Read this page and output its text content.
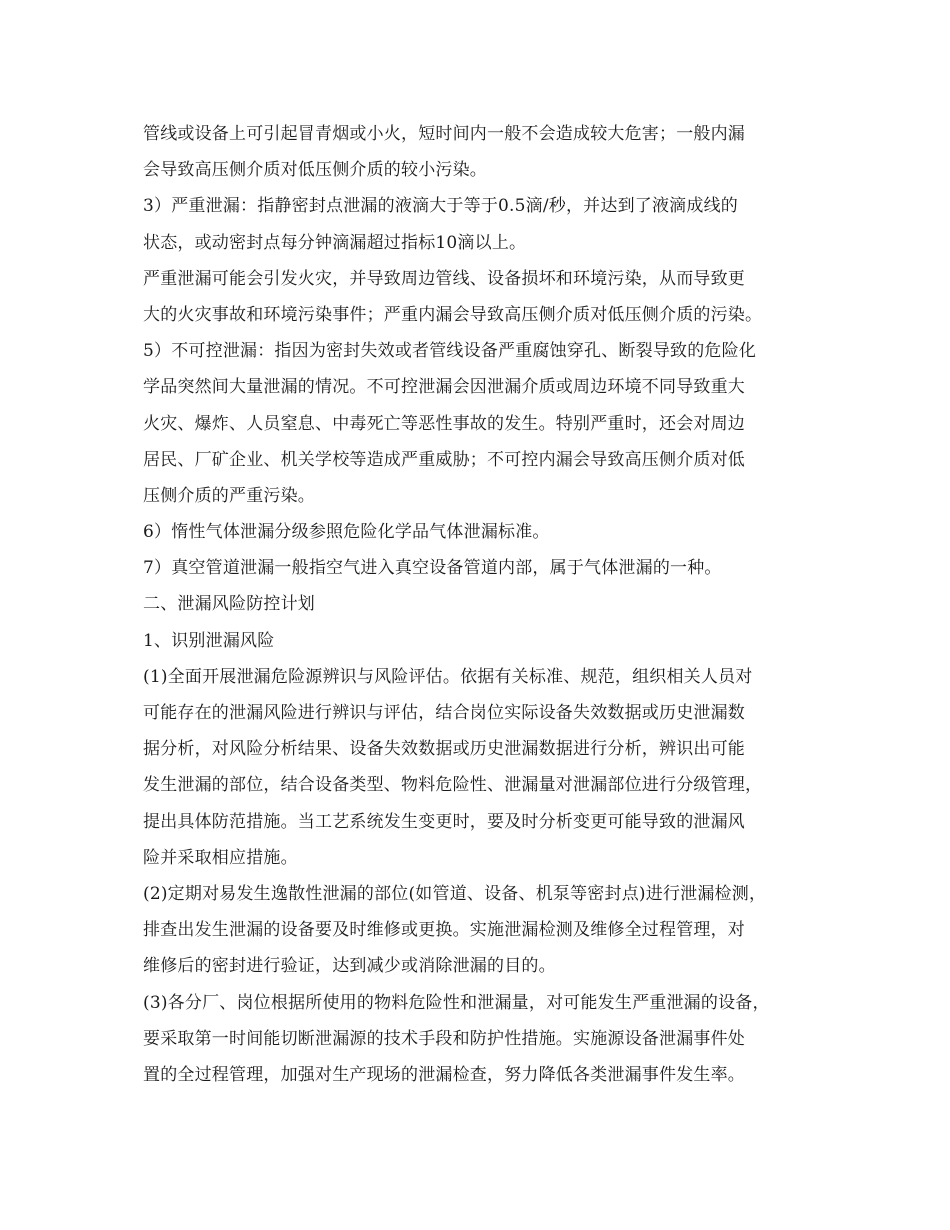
管线或设备上可引起冒青烟或小火，短时间内一般不会造成较大危害；一般内漏
会导致高压侧介质对低压侧介质的较小污染。
3）严重泄漏：指静密封点泄漏的液滴大于等于0.5滴/秒，并达到了液滴成线的
状态，或动密封点每分钟滴漏超过指标10滴以上。
严重泄漏可能会引发火灾，并导致周边管线、设备损坏和环境污染，从而导致更
大的火灾事故和环境污染事件；严重内漏会导致高压侧介质对低压侧介质的污染。
5）不可控泄漏：指因为密封失效或者管线设备严重腐蚀穿孔、断裂导致的危险化
学品突然间大量泄漏的情况。不可控泄漏会因泄漏介质或周边环境不同导致重大
火灾、爆炸、人员窒息、中毒死亡等恶性事故的发生。特别严重时，还会对周边
居民、厂矿企业、机关学校等造成严重威胁；不可控内漏会导致高压侧介质对低
压侧介质的严重污染。
6）惰性气体泄漏分级参照危险化学品气体泄漏标准。
7）真空管道泄漏一般指空气进入真空设备管道内部，属于气体泄漏的一种。
二、泄漏风险防控计划
1、识别泄漏风险
(1)全面开展泄漏危险源辨识与风险评估。依据有关标准、规范，组织相关人员对
可能存在的泄漏风险进行辨识与评估，结合岗位实际设备失效数据或历史泄漏数
据分析，对风险分析结果、设备失效数据或历史泄漏数据进行分析，辨识出可能
发生泄漏的部位，结合设备类型、物料危险性、泄漏量对泄漏部位进行分级管理，
提出具体防范措施。当工艺系统发生变更时，要及时分析变更可能导致的泄漏风
险并采取相应措施。
(2)定期对易发生逸散性泄漏的部位(如管道、设备、机泵等密封点)进行泄漏检测，
排查出发生泄漏的设备要及时维修或更换。实施泄漏检测及维修全过程管理，对
维修后的密封进行验证，达到减少或消除泄漏的目的。
(3)各分厂、岗位根据所使用的物料危险性和泄漏量，对可能发生严重泄漏的设备，
要采取第一时间能切断泄漏源的技术手段和防护性措施。实施源设备泄漏事件处
置的全过程管理，加强对生产现场的泄漏检查，努力降低各类泄漏事件发生率。
